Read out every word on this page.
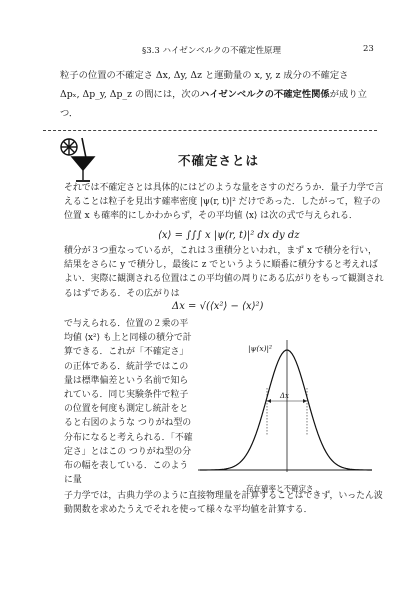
§3.3 ハイゼンベルクの不確定性原理	23
粒子の位置の不確定さ Δx, Δy, Δz と運動量の x, y, z 成分の不確定さ
Δpₓ, Δp_y, Δp_z の間には，次のハイゼンベルクの不確定性関係が成り立つ．
不確定さとは
それでは不確定さとは具体的にはどのような量をさすのだろうか．量子力学で言えることは粒子を見出す確率密度 |ψ(r, t)|² だけであった．したがって，粒子の位置 x も確率的にしかわからず，その平均値 ⟨x⟩ は次の式で与えられる．
⟨x⟩ = ∫∫∫ x |ψ(r, t)|² dx dy dz
積分が３つ重なっているが，これは３重積分といわれ，まず x で積分を行い，結果をさらに y で積分し，最後に z でというように順番に積分すると考えればよい．実際に観測される位置はこの平均値の周りにある広がりをもって観測されるはずである．その広がりは
Δx = √(⟨x²⟩ − ⟨x⟩²)
で与えられる．位置の２乗の平均値 ⟨x²⟩ も上と同様の積分で計算できる．これが「不確定さ」の正体である．統計学ではこの量は標準偏差という名前で知られている．同じ実験条件で粒子の位置を何度も測定し統計をとると右図のような つりがね型の分布になると考えられる．「不確定さ」とはこの つりがね型の分布の幅を表している．このように量
Δx
|ψ(x)|²
存在確率と不確定さ
子力学では，古典力学のように直接物理量を計算することはできず，いったん波動関数を求めたうえでそれを使って様々な平均値を計算する．
